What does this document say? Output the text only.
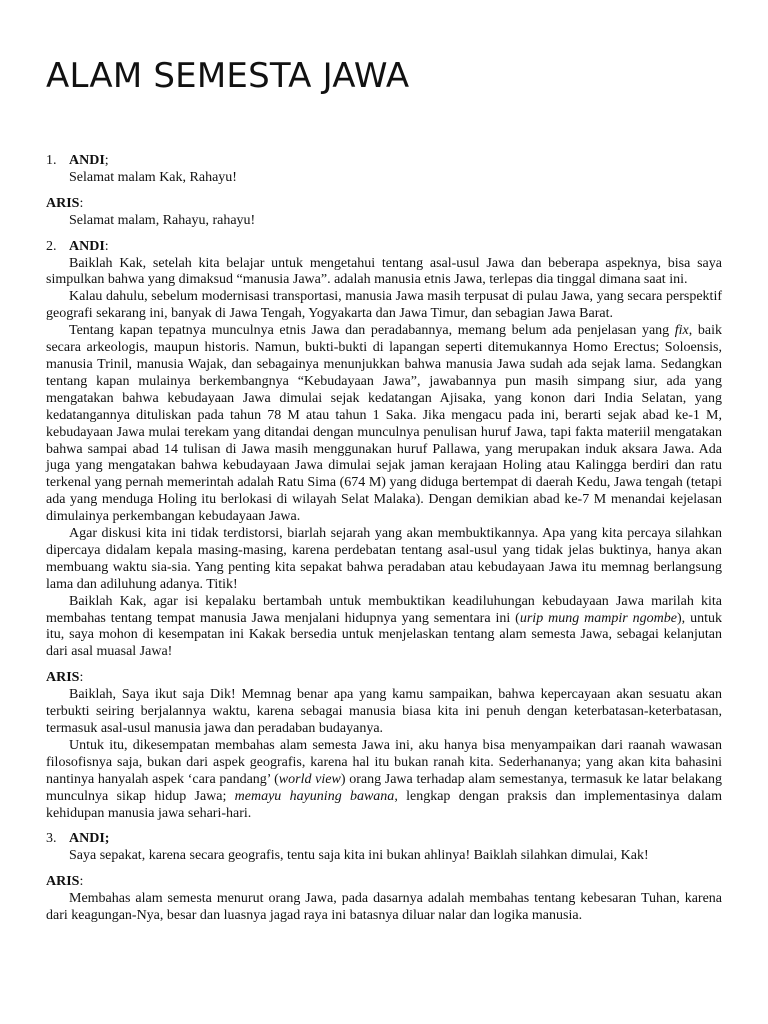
ALAM SEMESTA JAWA

1. ANDI;

Selamat malam Kak, Rahayu!

ARIS:

Selamat malam, Rahayu, rahayu!

2. ANDI:

Baiklah Kak, setelah kita belajar untuk mengetahui tentang asal-usul Jawa dan beberapa aspeknya, bisa saya simpulkan bahwa yang dimaksud “manusia Jawa”. adalah manusia etnis Jawa, terlepas dia tinggal dimana saat ini.

Kalau dahulu, sebelum modernisasi transportasi, manusia Jawa masih terpusat di pulau Jawa, yang secara perspektif geografi sekarang ini, banyak di Jawa Tengah, Yogyakarta dan Jawa Timur, dan sebagian Jawa Barat.

Tentang kapan tepatnya munculnya etnis Jawa dan peradabannya, memang belum ada penjelasan yang fix, baik secara arkeologis, maupun historis. Namun, bukti-bukti di lapangan seperti ditemukannya Homo Erectus; Soloensis, manusia Trinil, manusia Wajak, dan sebagainya menunjukkan bahwa manusia Jawa sudah ada sejak lama. Sedangkan tentang kapan mulainya berkembangnya “Kebudayaan Jawa”, jawabannya pun masih simpang siur, ada yang mengatakan bahwa kebudayaan Jawa dimulai sejak kedatangan Ajisaka, yang konon dari India Selatan, yang kedatangannya dituliskan pada tahun 78 M atau tahun 1 Saka. Jika mengacu pada ini, berarti sejak abad ke-1 M, kebudayaan Jawa mulai terekam yang ditandai dengan munculnya penulisan huruf Jawa, tapi fakta materiil mengatakan bahwa sampai abad 14 tulisan di Jawa masih menggunakan huruf Pallawa, yang merupakan induk aksara Jawa. Ada juga yang mengatakan bahwa kebudayaan Jawa dimulai sejak jaman kerajaan Holing atau Kalingga berdiri dan ratu terkenal yang pernah memerintah adalah Ratu Sima (674 M) yang diduga bertempat di daerah Kedu, Jawa tengah (tetapi ada yang menduga Holing itu berlokasi di wilayah Selat Malaka). Dengan demikian abad ke-7 M menandai kejelasan dimulainya perkembangan kebudayaan Jawa.

Agar diskusi kita ini tidak terdistorsi, biarlah sejarah yang akan membuktikannya. Apa yang kita percaya silahkan dipercaya didalam kepala masing-masing, karena perdebatan tentang asal-usul yang tidak jelas buktinya, hanya akan membuang waktu sia-sia. Yang penting kita sepakat bahwa peradaban atau kebudayaan Jawa itu memnag berlangsung lama dan adiluhung adanya. Titik!

Baiklah Kak, agar isi kepalaku bertambah untuk membuktikan keadiluhungan kebudayaan Jawa marilah kita membahas tentang tempat manusia Jawa menjalani hidupnya yang sementara ini (urip mung mampir ngombe), untuk itu, saya mohon di kesempatan ini Kakak bersedia untuk menjelaskan tentang alam semesta Jawa, sebagai kelanjutan dari asal muasal Jawa!

ARIS:

Baiklah, Saya ikut saja Dik! Memnag benar apa yang kamu sampaikan, bahwa kepercayaan akan sesuatu akan terbukti seiring berjalannya waktu, karena sebagai manusia biasa kita ini penuh dengan keterbatasan-keterbatasan, termasuk asal-usul manusia jawa dan peradaban budayanya.

Untuk itu, dikesempatan membahas alam semesta Jawa ini, aku hanya bisa menyampaikan dari raanah wawasan filosofisnya saja, bukan dari aspek geografis, karena hal itu bukan ranah kita. Sederhananya; yang akan kita bahasini nantinya hanyalah aspek ‘cara pandang’ (world view) orang Jawa terhadap alam semestanya, termasuk ke latar belakang munculnya sikap hidup Jawa; memayu hayuning bawana, lengkap dengan praksis dan implementasinya dalam kehidupan manusia jawa sehari-hari.

3. ANDI;

Saya sepakat, karena secara geografis, tentu saja kita ini bukan ahlinya! Baiklah silahkan dimulai, Kak!

ARIS:

Membahas alam semesta menurut orang Jawa, pada dasarnya adalah membahas tentang kebesaran Tuhan, karena dari keagungan-Nya, besar dan luasnya jagad raya ini batasnya diluar nalar dan logika manusia.
